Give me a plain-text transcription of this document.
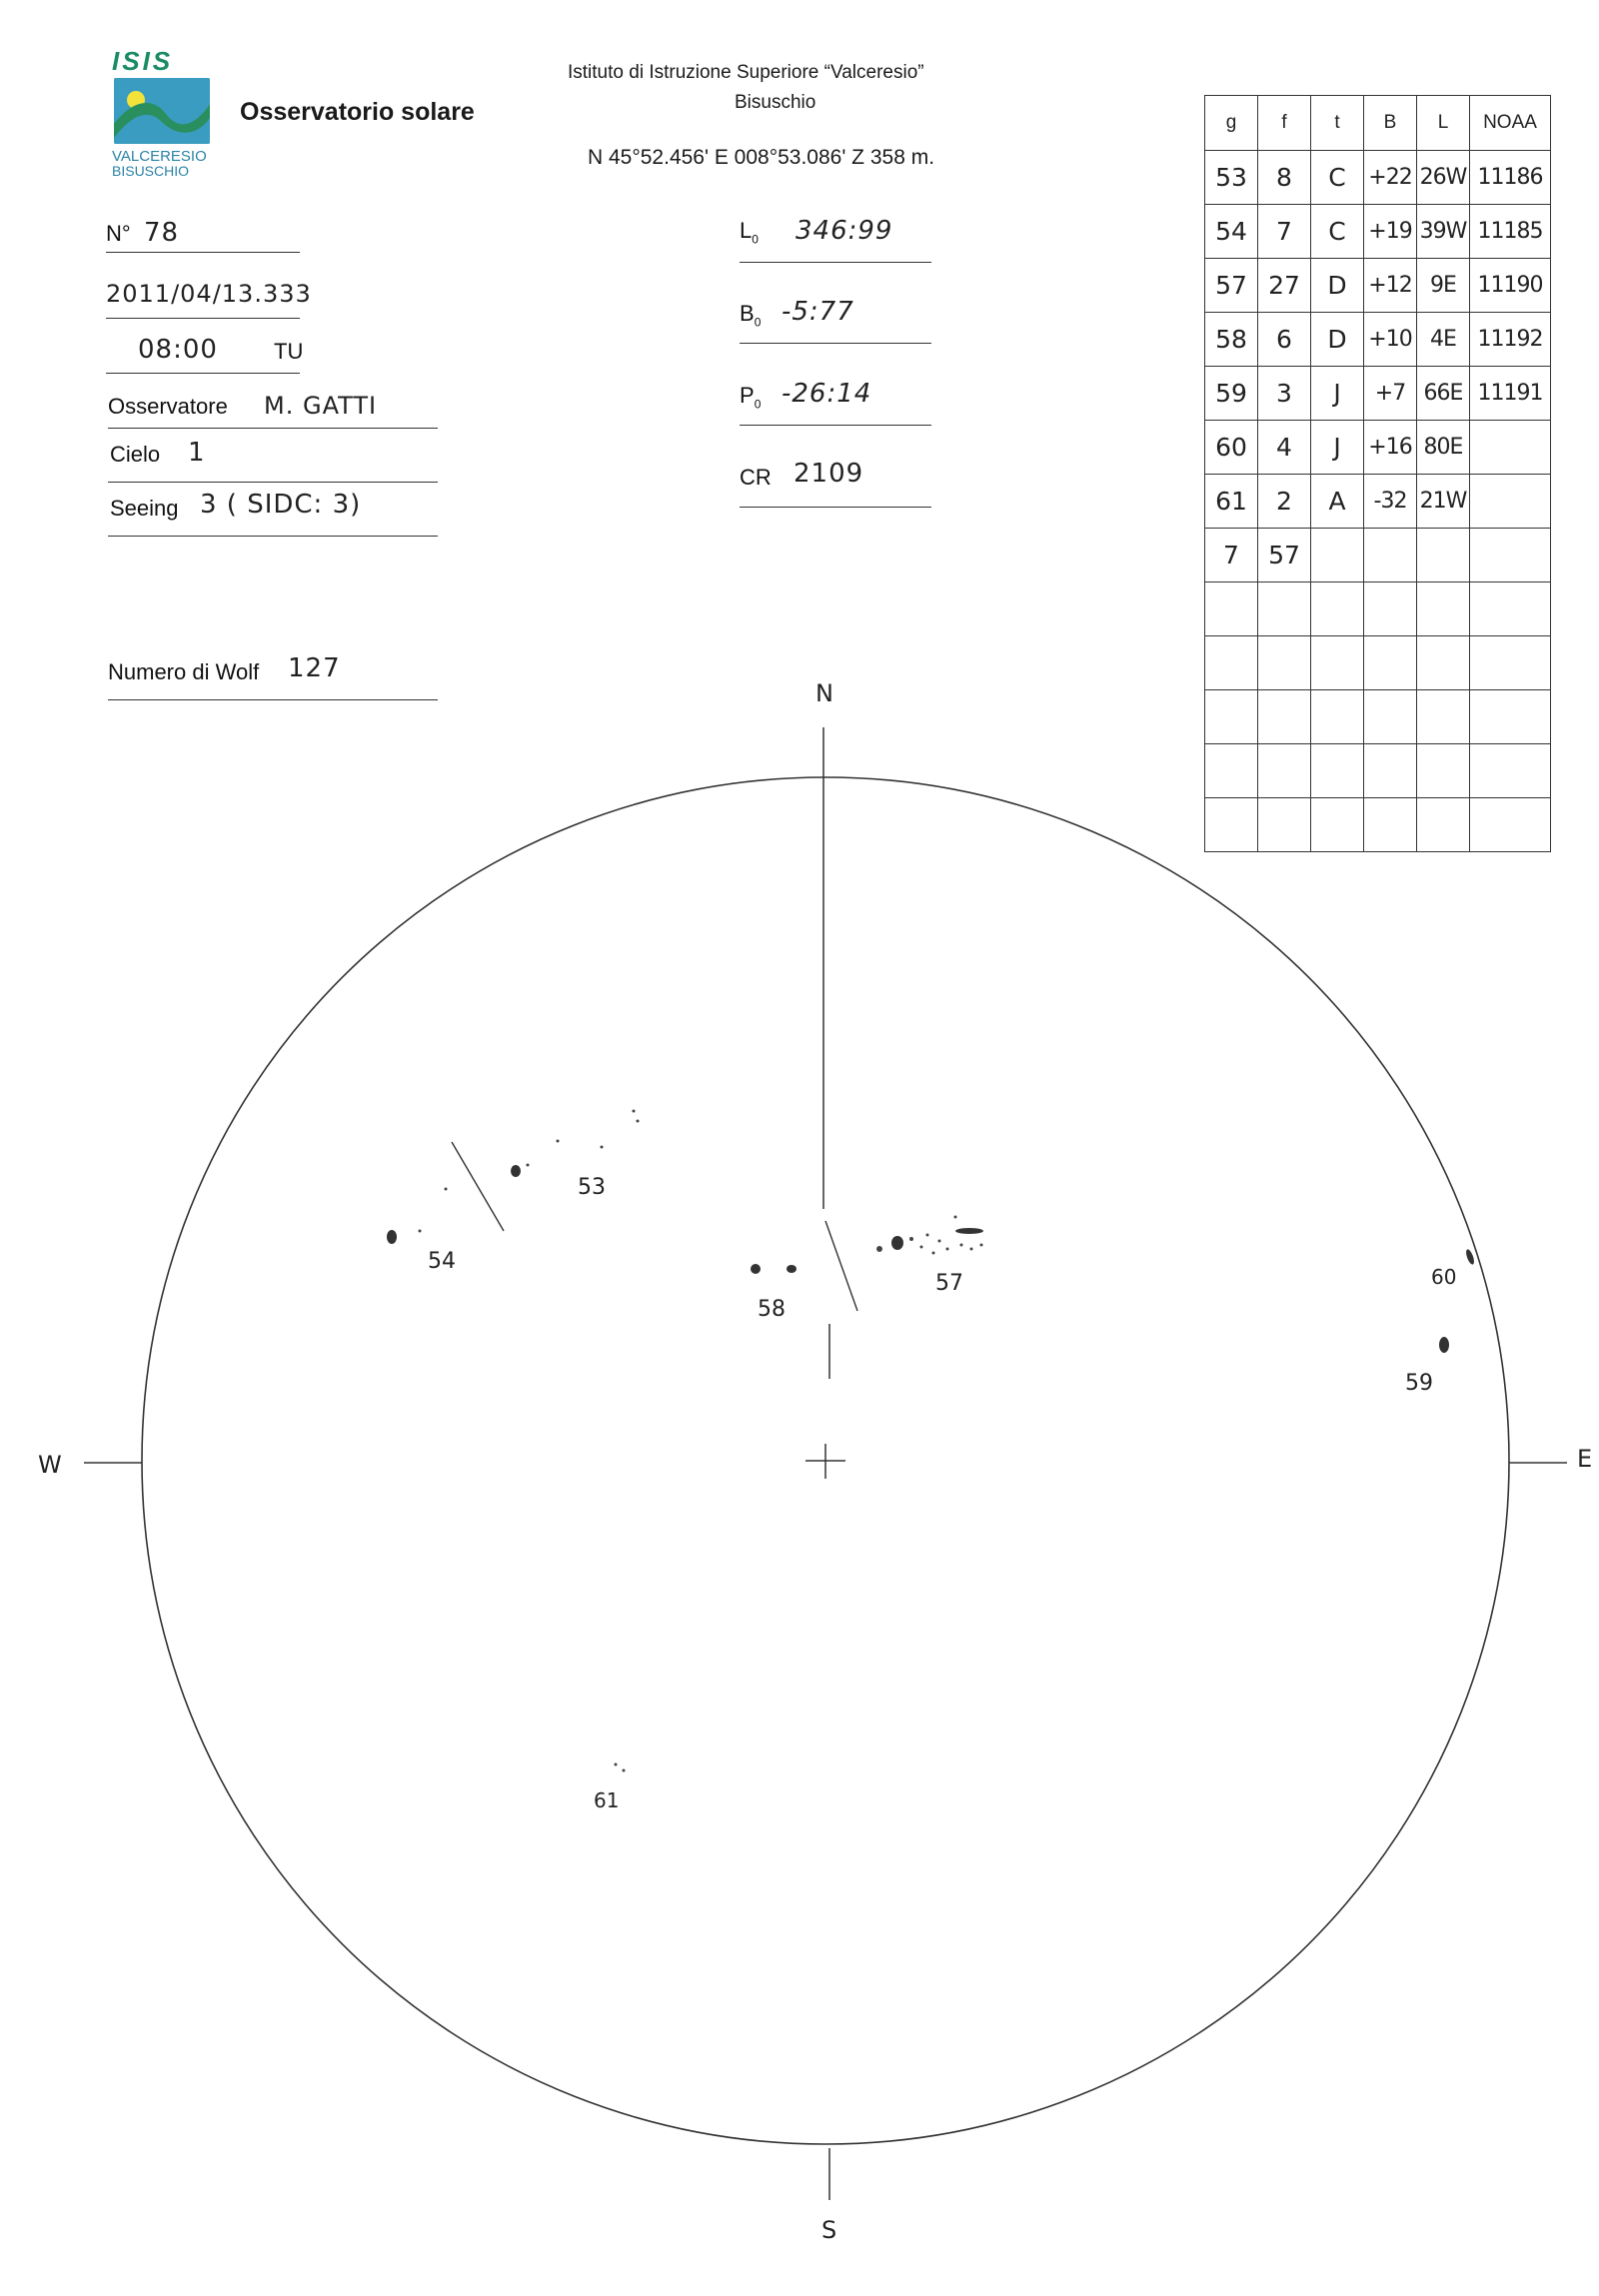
ISIS
VALCERESIO
BISUSCHIO
Osservatorio solare
Istituto di Istruzione Superiore “Valceresio”
Bisuschio
N 45°52.456' E 008°53.086' Z 358 m.
N° 78
2011/04/13.333
08:00	TU
Osservatore M. GATTI
Cielo 1
Seeing 3 ( SIDC: 3)
Numero di Wolf 127
$L_0$ 346:99
$B_0$ -5:77
$P_0$ -26:14
CR 2109
g	f	t	B	L	NOAA
53	8	C	+22	26W	11186
54	7	C	+19	39W	11185
57	27	D	+12	9E	11190
58	6	D	+10	4E	11192
59	3	J	+7	66E	11191
60	4	J	+16	80E	
61	2	A	-32	21W	
7	57				

N
S
W	E
53
54
57
58
59
60
61
